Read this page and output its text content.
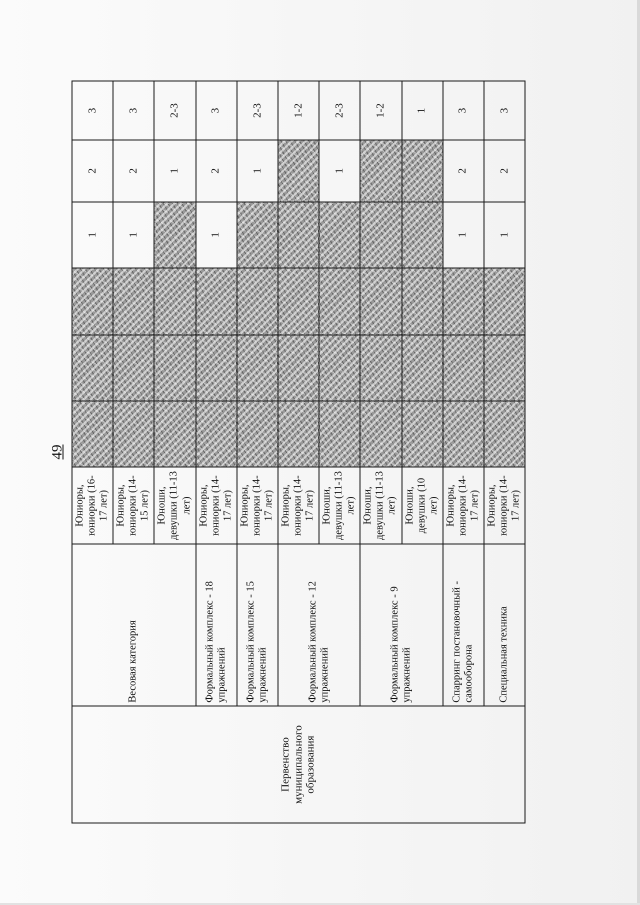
49
Первенство муниципального образования	Весовая категория	Юниоры, юниорки (16-17 лет)				1	2	3
		Юниоры, юниорки (14-15 лет)				1	2	3
		Юноши, девушки (11-13 лет)					1	2-3
	Формальный комплекс - 18 упражнений	Юниоры, юниорки (14-17 лет)				1	2	3
	Формальный комплекс - 15 упражнений	Юниоры, юниорки (14-17 лет)					1	2-3
	Формальный комплекс - 12 упражнений	Юниоры, юниорки (14-17 лет)						1-2
		Юноши, девушки (11-13 лет)					1	2-3
	Формальный комплекс - 9 упражнений	Юноши, девушки (11-13 лет)						1-2
		Юноши, девушки (10 лет)						1
	Спарринг постановочный - самооборона	Юниоры, юниорки (14-17 лет)				1	2	3
	Специальная техника	Юниоры, юниорки (14-17 лет)				1	2	3
